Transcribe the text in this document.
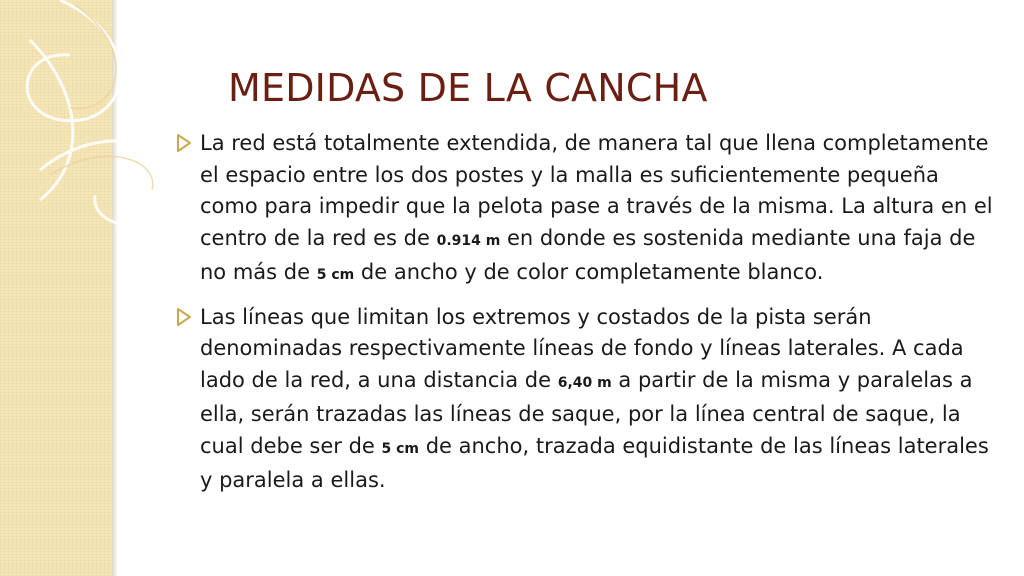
MEDIDAS DE LA CANCHA

La red está totalmente extendida, de manera tal que llena completamente el espacio entre los dos postes y la malla es suficientemente pequeña como para impedir que la pelota pase a través de la misma. La altura en el centro de la red es de 0.914 m en donde es sostenida mediante una faja de no más de 5 cm de ancho y de color completamente blanco.

Las líneas que limitan los extremos y costados de la pista serán denominadas respectivamente líneas de fondo y líneas laterales. A cada lado de la red, a una distancia de 6,40 m a partir de la misma y paralelas a ella, serán trazadas las líneas de saque, por la línea central de saque, la cual debe ser de 5 cm de ancho, trazada equidistante de las líneas laterales y paralela a ellas.
